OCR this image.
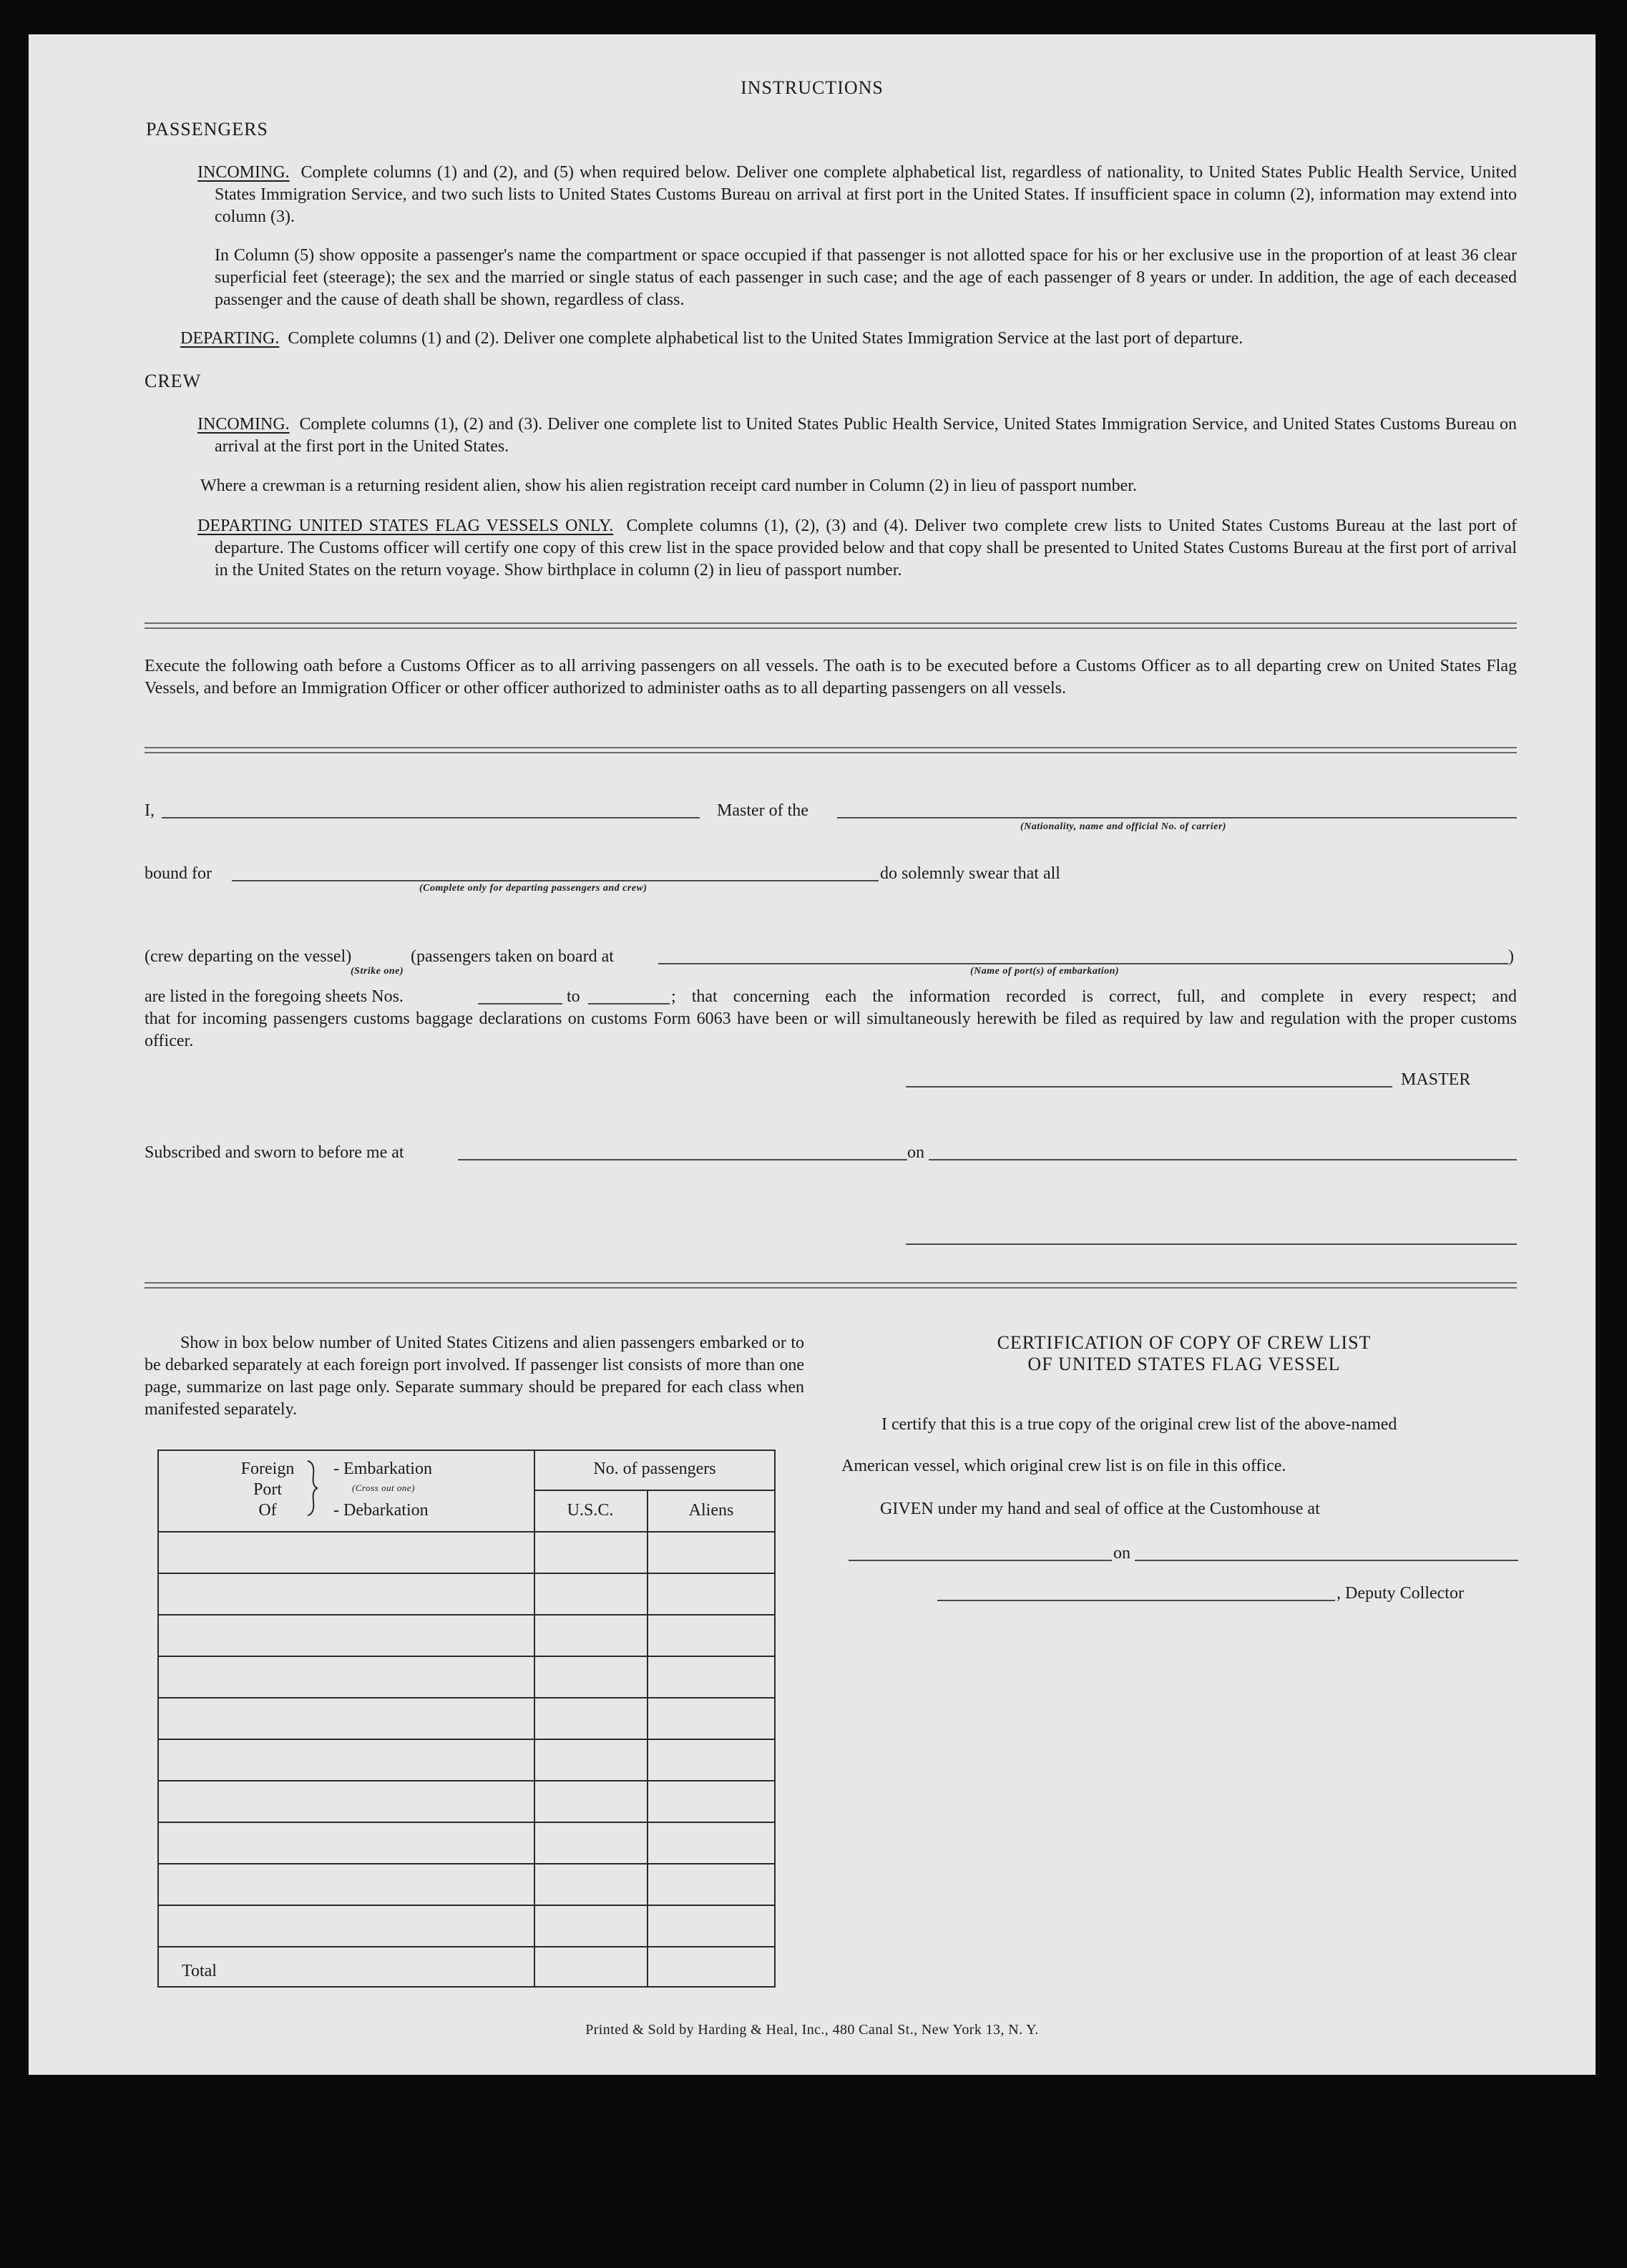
INSTRUCTIONS
PASSENGERS
INCOMING. Complete columns (1) and (2), and (5) when required below. Deliver one complete alphabetical list, regardless of nationality, to United States Public Health Service, United States Immigration Service, and two such lists to United States Customs Bureau on arrival at first port in the United States. If insufficient space in column (2), information may extend into column (3).
In Column (5) show opposite a passenger's name the compartment or space occupied if that passenger is not allotted space for his or her exclusive use in the proportion of at least 36 clear superficial feet (steerage); the sex and the married or single status of each passenger in such case; and the age of each passenger of 8 years or under. In addition, the age of each deceased passenger and the cause of death shall be shown, regardless of class.
DEPARTING. Complete columns (1) and (2). Deliver one complete alphabetical list to the United States Immigration Service at the last port of departure.
CREW
INCOMING. Complete columns (1), (2) and (3). Deliver one complete list to United States Public Health Service, United States Immigration Service, and United States Customs Bureau on arrival at the first port in the United States.
Where a crewman is a returning resident alien, show his alien registration receipt card number in Column (2) in lieu of passport number.
DEPARTING UNITED STATES FLAG VESSELS ONLY. Complete columns (1), (2), (3) and (4). Deliver two complete crew lists to United States Customs Bureau at the last port of departure. The Customs officer will certify one copy of this crew list in the space provided below and that copy shall be presented to United States Customs Bureau at the first port of arrival in the United States on the return voyage. Show birthplace in column (2) in lieu of passport number.
Execute the following oath before a Customs Officer as to all arriving passengers on all vessels. The oath is to be executed before a Customs Officer as to all departing crew on United States Flag Vessels, and before an Immigration Officer or other officer authorized to administer oaths as to all departing passengers on all vessels.
I,	Master of the
(Nationality, name and official No. of carrier)
bound for
(Complete only for departing passengers and crew)
do solemnly swear that all
(crew departing on the vessel)	(passengers taken on board at
(Strike one)
)
(Name of port(s) of embarkation)
are listed in the foregoing sheets Nos.	to	; that concerning each the information recorded is correct, full, and complete in every respect; and
that for incoming passengers customs baggage declarations on customs Form 6063 have been or will simultaneously herewith be filed as required by law and regulation with the proper customs officer.
MASTER
Subscribed and sworn to before me at	on
Show in box below number of United States Citizens and alien passengers embarked or to be debarked separately at each foreign port involved. If passenger list consists of more than one page, summarize on last page only. Separate summary should be prepared for each class when manifested separately.
Foreign
Port
Of
- Embarkation
(Cross out one)
- Debarkation
No. of passengers
U.S.C.	Aliens
Total
CERTIFICATION OF COPY OF CREW LIST
OF UNITED STATES FLAG VESSEL
I certify that this is a true copy of the original crew list of the above-named
American vessel, which original crew list is on file in this office.
GIVEN under my hand and seal of office at the Customhouse at
on
, Deputy Collector
Printed & Sold by Harding & Heal, Inc., 480 Canal St., New York 13, N. Y.
